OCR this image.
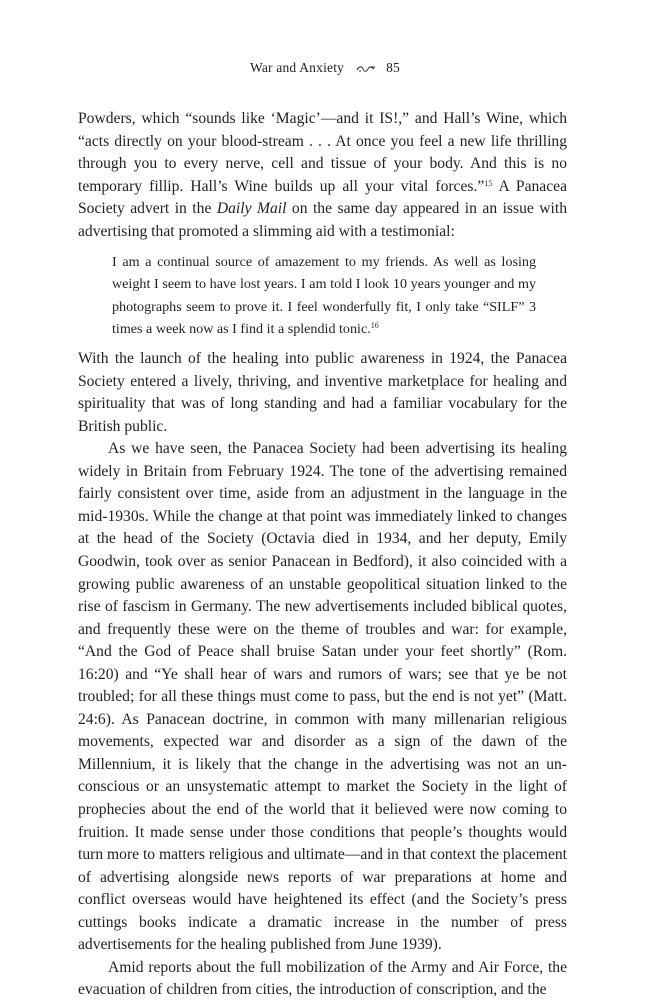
War and Anxiety	85

Powders, which “sounds like ‘Magic’—and it IS!,” and Hall’s Wine, which “acts directly on your blood-stream . . . At once you feel a new life thrilling through you to every nerve, cell and tissue of your body. And this is no temporary fillip. Hall’s Wine builds up all your vital forces.”$^{15}$ A Panacea Society advert in the Daily Mail on the same day appeared in an issue with advertising that promoted a slimming aid with a testimonial:

I am a continual source of amazement to my friends. As well as losing weight I seem to have lost years. I am told I look 10 years younger and my photographs seem to prove it. I feel wonderfully fit, I only take “SILF” 3 times a week now as I find it a splendid tonic.$^{16}$

With the launch of the healing into public awareness in 1924, the Panacea Society entered a lively, thriving, and inventive marketplace for healing and spirituality that was of long standing and had a familiar vocabulary for the British public.

As we have seen, the Panacea Society had been advertising its healing widely in Britain from February 1924. The tone of the advertising remained fairly consistent over time, aside from an adjustment in the language in the mid-1930s. While the change at that point was immediately linked to changes at the head of the Society (Octavia died in 1934, and her deputy, Emily Goodwin, took over as senior Panacean in Bedford), it also coincided with a growing public awareness of an unstable geopolitical situation linked to the rise of fascism in Germany. The new advertisements included biblical quotes, and frequently these were on the theme of troubles and war: for example, “And the God of Peace shall bruise Satan under your feet shortly” (Rom. 16:20) and “Ye shall hear of wars and rumors of wars; see that ye be not troubled; for all these things must come to pass, but the end is not yet” (Matt. 24:6). As Panacean doctrine, in common with many millenarian religious movements, expected war and disorder as a sign of the dawn of the Millennium, it is likely that the change in the advertising was not an unconscious or an unsystematic attempt to market the Society in the light of prophecies about the end of the world that it believed were now coming to fruition. It made sense under those conditions that people’s thoughts would turn more to matters religious and ultimate—and in that context the placement of advertising alongside news reports of war preparations at home and conflict overseas would have heightened its effect (and the Society’s press cuttings books indicate a dramatic increase in the number of press advertisements for the healing published from June 1939).

Amid reports about the full mobilization of the Army and Air Force, the evacuation of children from cities, the introduction of conscription, and the
